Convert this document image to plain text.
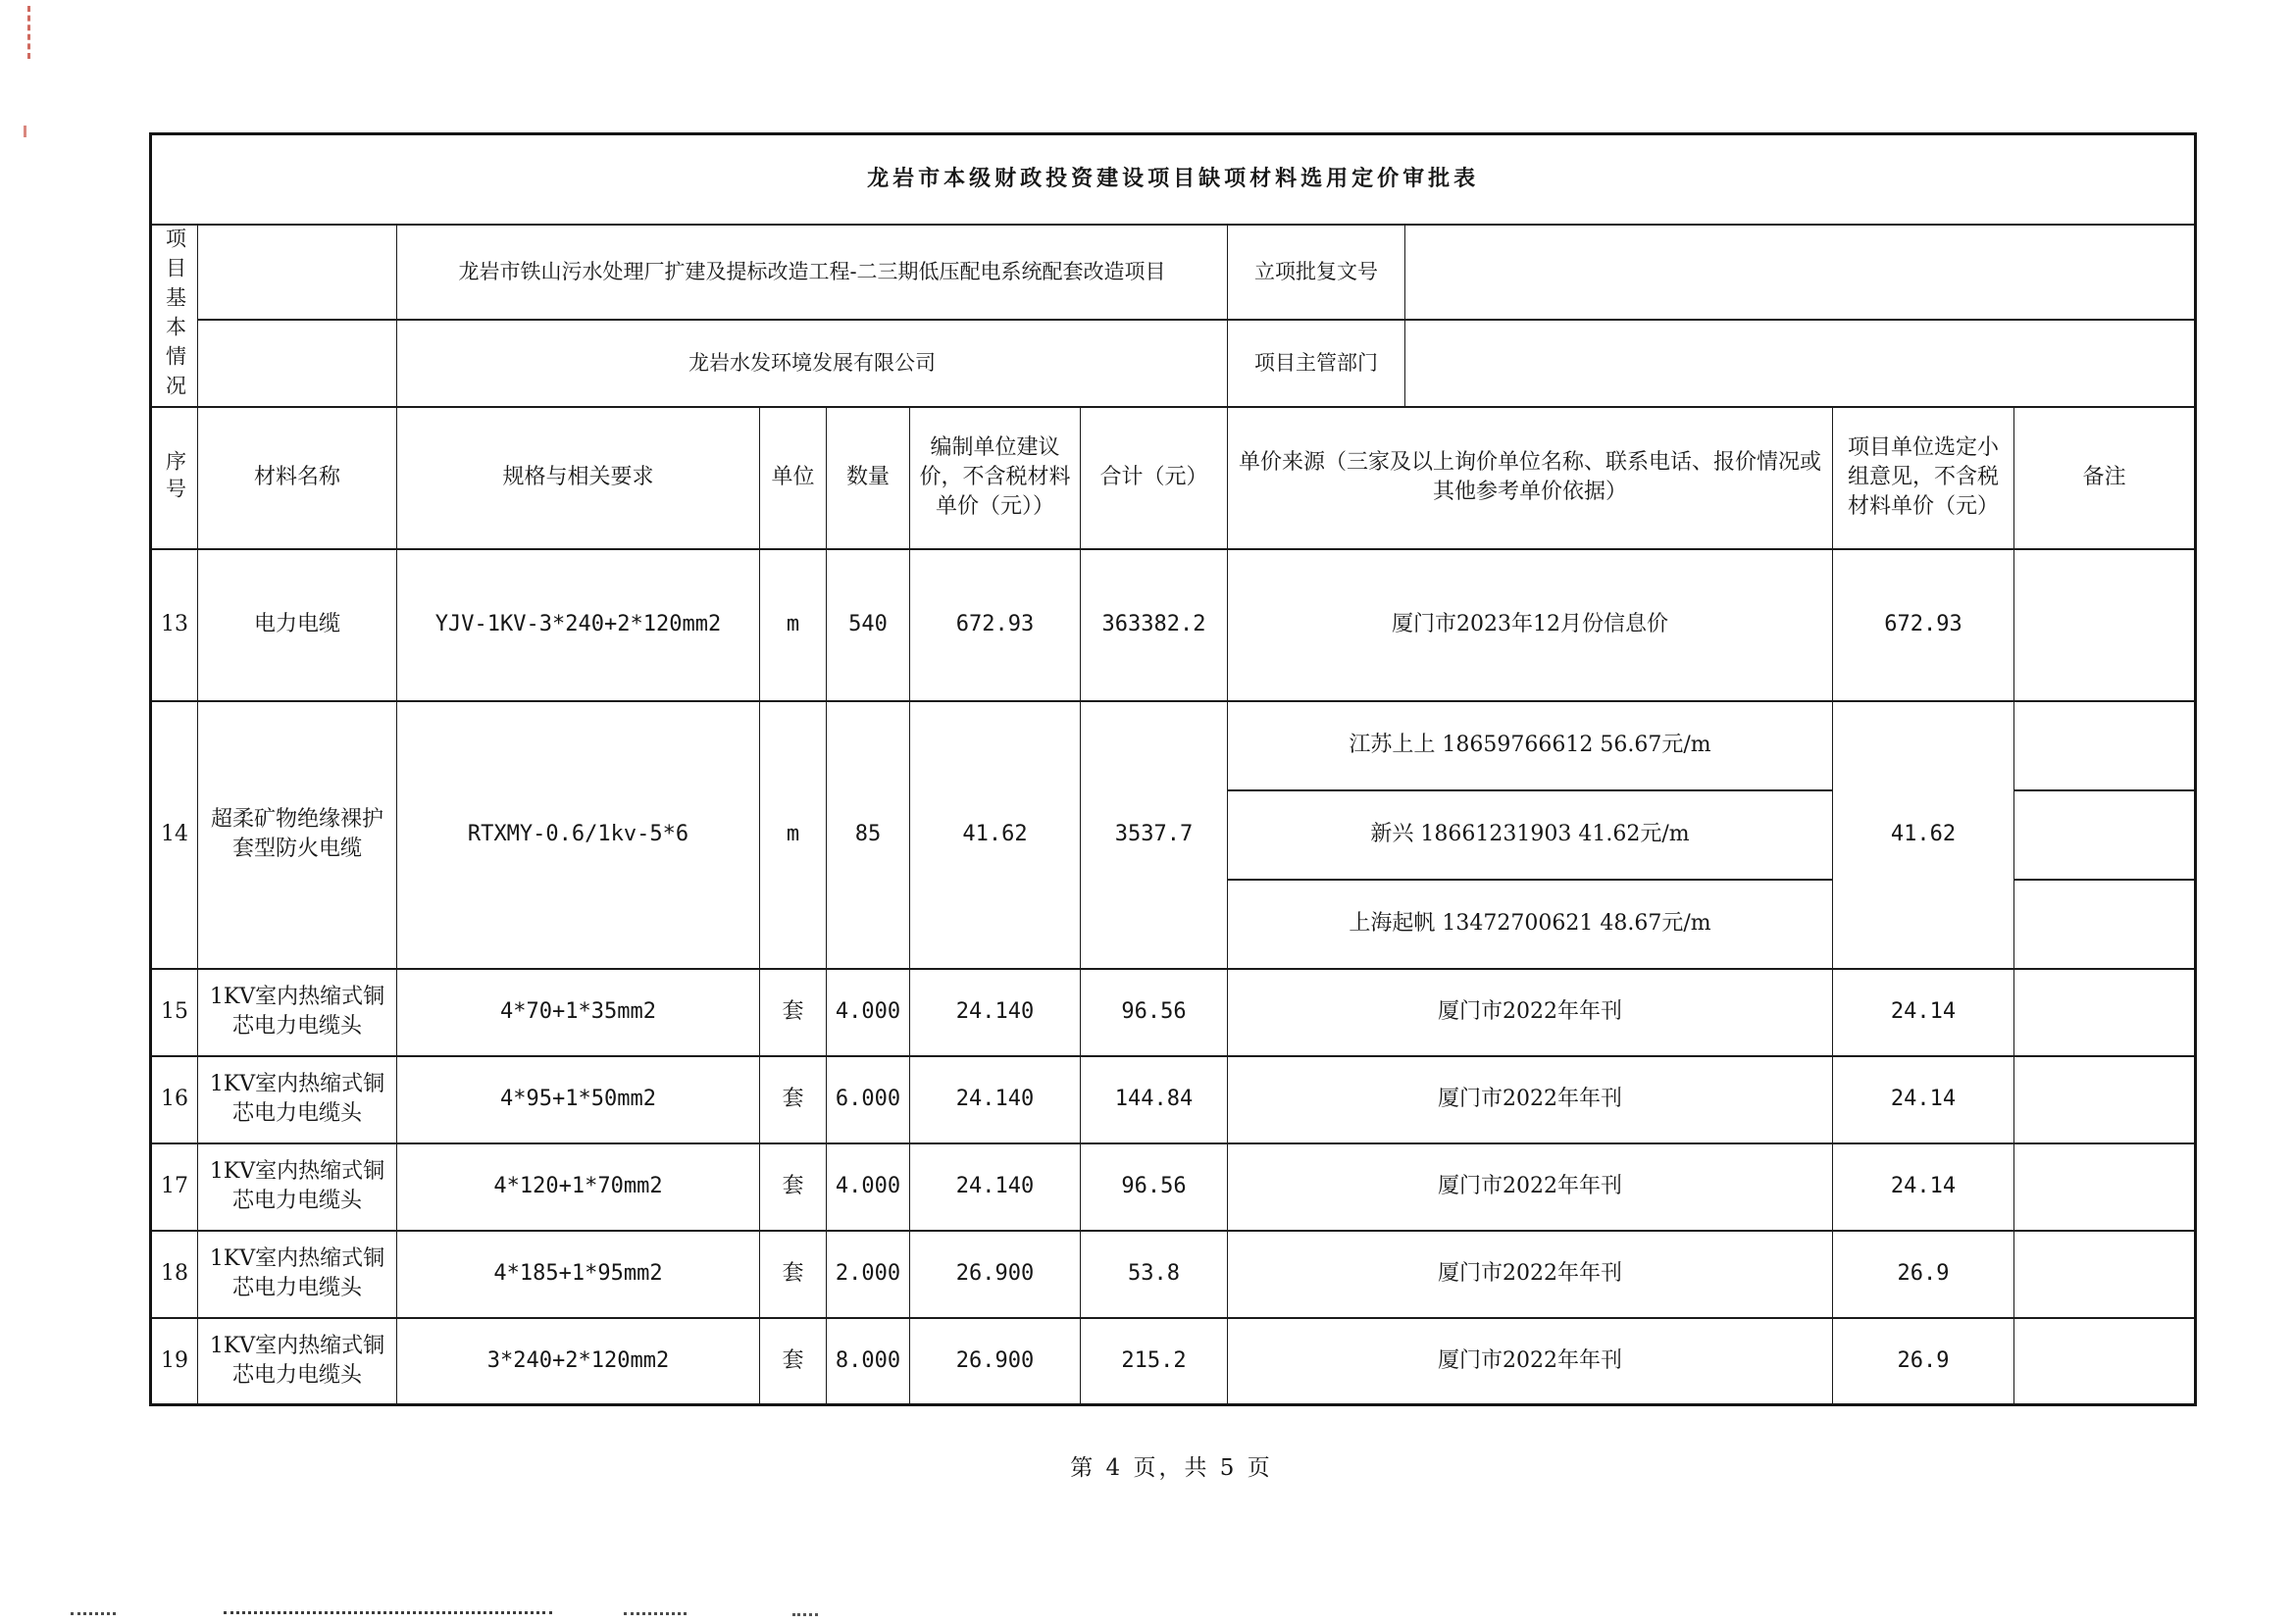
龙岩市本级财政投资建设项目缺项材料选用定价审批表										

项目基本情况		龙岩市铁山污水处理厂扩建及提标改造工程-二三期低压配电系统配套改造项目					立项批复文号			
		龙岩水发环境发展有限公司					项目主管部门			

序号	材料名称	规格与相关要求	单位	数量	编制单位建议价，不含税材料单价（元））	合计（元）	单价来源（三家及以上询价单位名称、联系电话、报价情况或其他参考单价依据）		项目单位选定小组意见，不含税材料单价（元）	备注
13	电力电缆	YJV-1KV-3*240+2*120mm2	m	540	672.93	363382.2	厦门市2023年12月份信息价		672.93	
14	超柔矿物绝缘裸护套型防火电缆	RTXMY-0.6/1kv-5*6	m	85	41.62	3537.7	江苏上上 18659766612 56.67元/m		41.62	
							新兴 18661231903 41.62元/m			
							上海起帆 13472700621 48.67元/m			
15	1KV室内热缩式铜芯电力电缆头	4*70+1*35mm2	套	4.000	24.140	96.56	厦门市2022年年刊		24.14	
16	1KV室内热缩式铜芯电力电缆头	4*95+1*50mm2	套	6.000	24.140	144.84	厦门市2022年年刊		24.14	
17	1KV室内热缩式铜芯电力电缆头	4*120+1*70mm2	套	4.000	24.140	96.56	厦门市2022年年刊		24.14	
18	1KV室内热缩式铜芯电力电缆头	4*185+1*95mm2	套	2.000	26.900	53.8	厦门市2022年年刊		26.9	
19	1KV室内热缩式铜芯电力电缆头	3*240+2*120mm2	套	8.000	26.900	215.2	厦门市2022年年刊		26.9	
第 4 页，共 5 页
